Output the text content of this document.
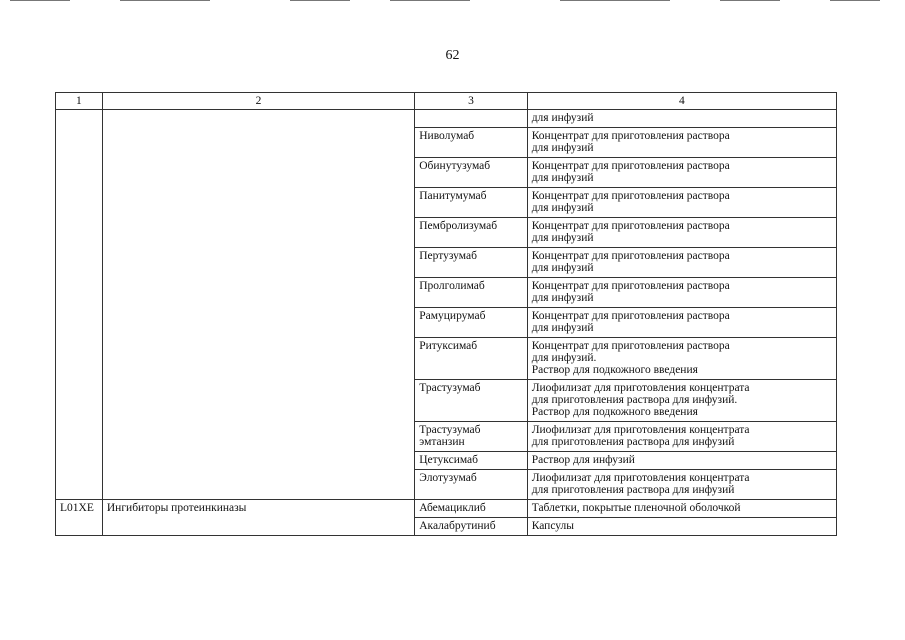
62
1	2	3	4

			для инфузий

		Ниволумаб	Концентрат для приготовления раствора
для инфузий

		Обинутузумаб	Концентрат для приготовления раствора
для инфузий

		Панитумумаб	Концентрат для приготовления раствора
для инфузий

		Пембролизумаб	Концентрат для приготовления раствора
для инфузий

		Пертузумаб	Концентрат для приготовления раствора
для инфузий

		Пролголимаб	Концентрат для приготовления раствора
для инфузий

		Рамуцирумаб	Концентрат для приготовления раствора
для инфузий

		Ритуксимаб	Концентрат для приготовления раствора
для инфузий.
Раствор для подкожного введения

		Трастузумаб	Лиофилизат для приготовления концентрата
для приготовления раствора для инфузий.
Раствор для подкожного введения

		Трастузумаб
эмтанзин	Лиофилизат для приготовления концентрата
для приготовления раствора для инфузий

		Цетуксимаб	Раствор для инфузий

		Элотузумаб	Лиофилизат для приготовления концентрата
для приготовления раствора для инфузий

L01XE	Ингибиторы протеинкиназы	Абемациклиб	Таблетки, покрытые пленочной оболочкой

		Акалабрутиниб	Капсулы
